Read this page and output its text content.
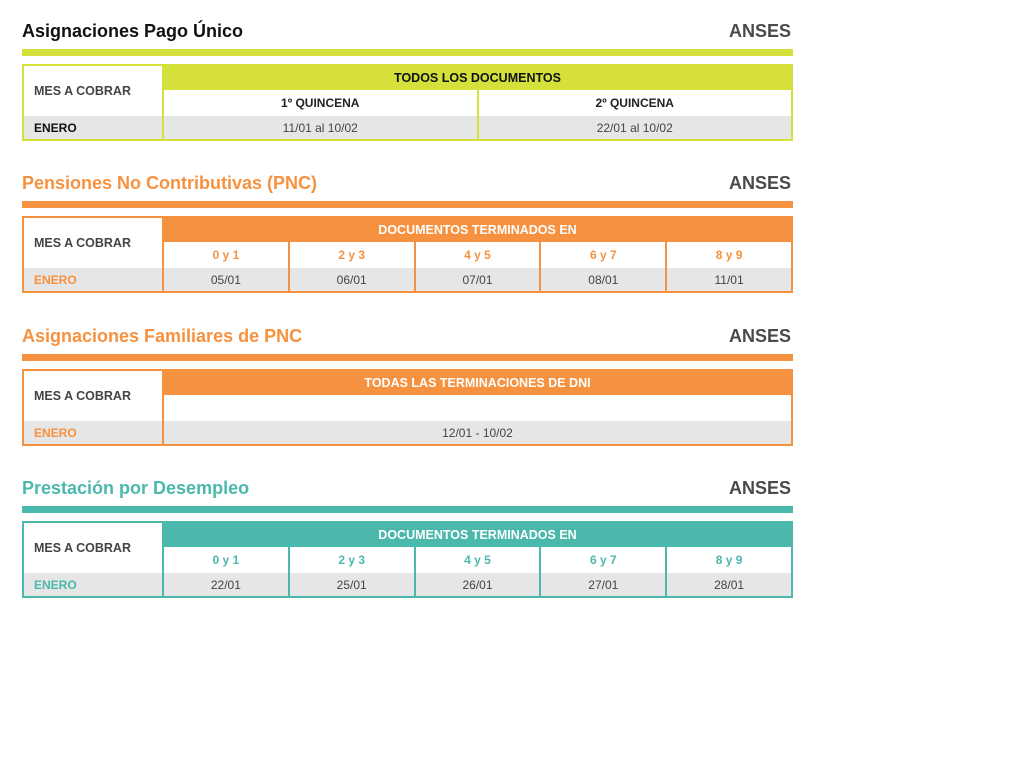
Asignaciones Pago Único	ANSES
MES A COBRAR	TODOS LOS DOCUMENTOS	
	1º QUINCENA	2º QUINCENA
ENERO	11/01 al 10/02	22/01 al 10/02
Pensiones No Contributivas (PNC)	ANSES
MES A COBRAR	DOCUMENTOS TERMINADOS EN				
	0 y 1	2 y 3	4 y 5	6 y 7	8 y 9
ENERO	05/01	06/01	07/01	08/01	11/01
Asignaciones Familiares de PNC	ANSES
MES A COBRAR	TODAS LAS TERMINACIONES DE DNI

ENERO	12/01 - 10/02
Prestación por Desempleo	ANSES
MES A COBRAR	DOCUMENTOS TERMINADOS EN				
	0 y 1	2 y 3	4 y 5	6 y 7	8 y 9
ENERO	22/01	25/01	26/01	27/01	28/01
